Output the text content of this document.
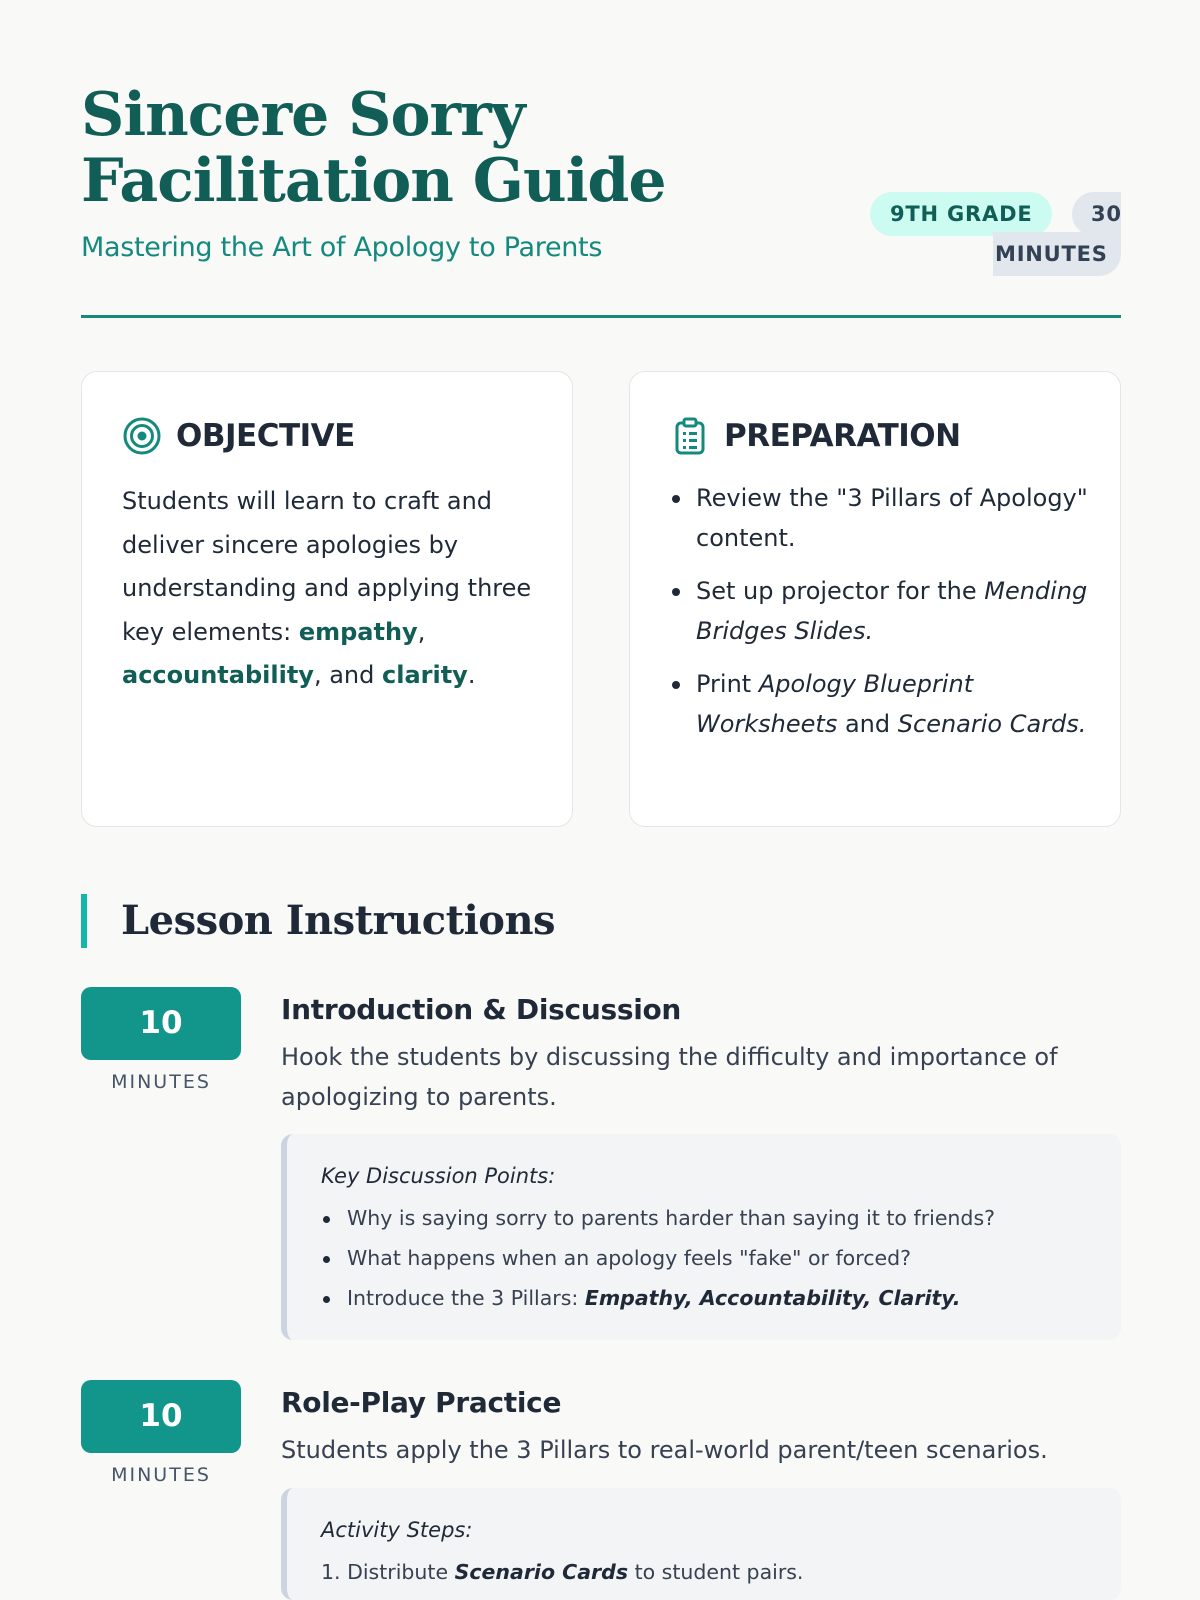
Sincere Sorry Facilitation Guide
Mastering the Art of Apology to Parents
9TH GRADE	30
MINUTES
OBJECTIVE

Students will learn to craft and deliver sincere apologies by understanding and applying three key elements: empathy, accountability, and clarity.

PREPARATION
Review the "3 Pillars of Apology" content.
Set up projector for the Mending Bridges Slides.
Print Apology Blueprint Worksheets and Scenario Cards.
Lesson Instructions
10
MINUTES
Introduction & Discussion
Hook the students by discussing the difficulty and importance of apologizing to parents.
Key Discussion Points:
Why is saying sorry to parents harder than saying it to friends?
What happens when an apology feels "fake" or forced?
Introduce the 3 Pillars: Empathy, Accountability, Clarity.
10
MINUTES
Role-Play Practice
Students apply the 3 Pillars to real-world parent/teen scenarios.
Activity Steps:
1. Distribute Scenario Cards to student pairs.
